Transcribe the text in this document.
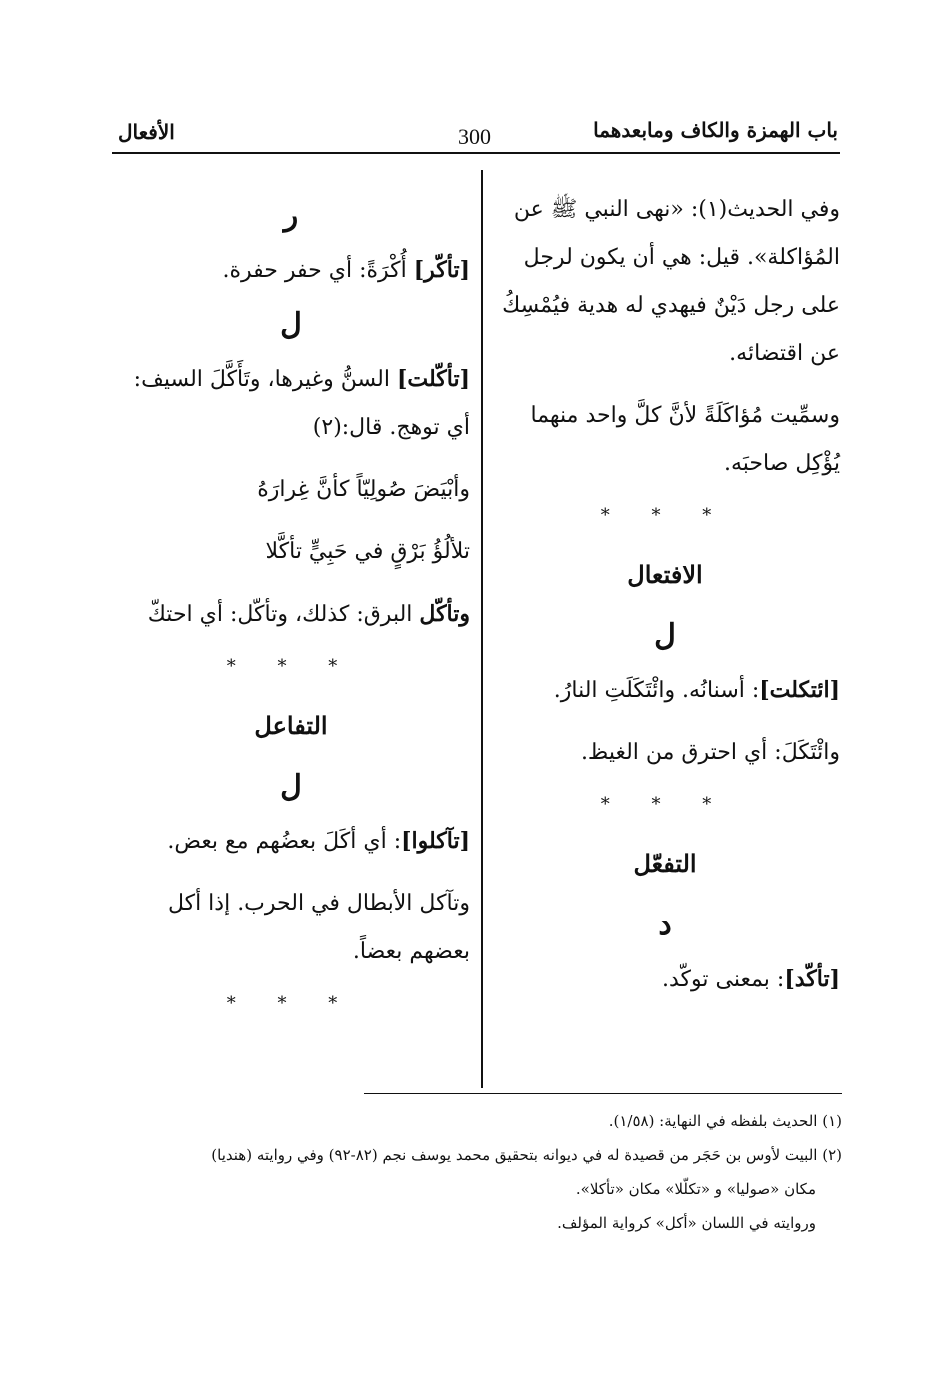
باب الهمزة والكاف ومابعدهما
300
الأفعال

وفي الحديث(١): «نهى النبي ﷺ عن المُؤاكلة». قيل: هي أن يكون لرجل على رجل دَيْنٌ فيهدي له هدية فيُمْسِكُ عن اقتضائه.

وسمِّيت مُؤاكَلَةً لأنَّ كلَّ واحد منهما يُؤْكِل صاحبَه.

* * *

الافتعال

ل

[ائتكلت]: أسنانُه. وائْتَكَلَتِ النارُ.

وائْتَكَلَ: أي احترق من الغيظ.

* * *

التفعّل

د

[تأكّد]: بمعنى توكّد.

ر

[تأكّر] أُكْرَةً: أي حفر حفرة.

ل

[تأكّلت] السنُّ وغيرها، وتَأَكَّلَ السيف: أي توهج. قال:(٢)

وأبْيَضَ صُولِيّاً كأنَّ غِرارَهُ

تلألُؤُ بَرْقٍ في حَبِيٍّ تأكَّلا

وتأكّل البرق: كذلك، وتأكّل: أي احتكّ

* * *

التفاعل

ل

[تآكلوا]: أي أكَلَ بعضُهم مع بعض.

وتآكل الأبطال في الحرب. إذا أكل بعضهم بعضاً.

* * *

(١) الحديث بلفظه في النهاية: (١/٥٨).

(٢) البيت لأوس بن حَجَر من قصيدة له في ديوانه بتحقيق محمد يوسف نجم (٨٢-٩٢) وفي روايته (هنديا)

مكان «صوليا» و «تكلّلا» مكان «تأكلا».

وروايته في اللسان «أكل» كرواية المؤلف.
